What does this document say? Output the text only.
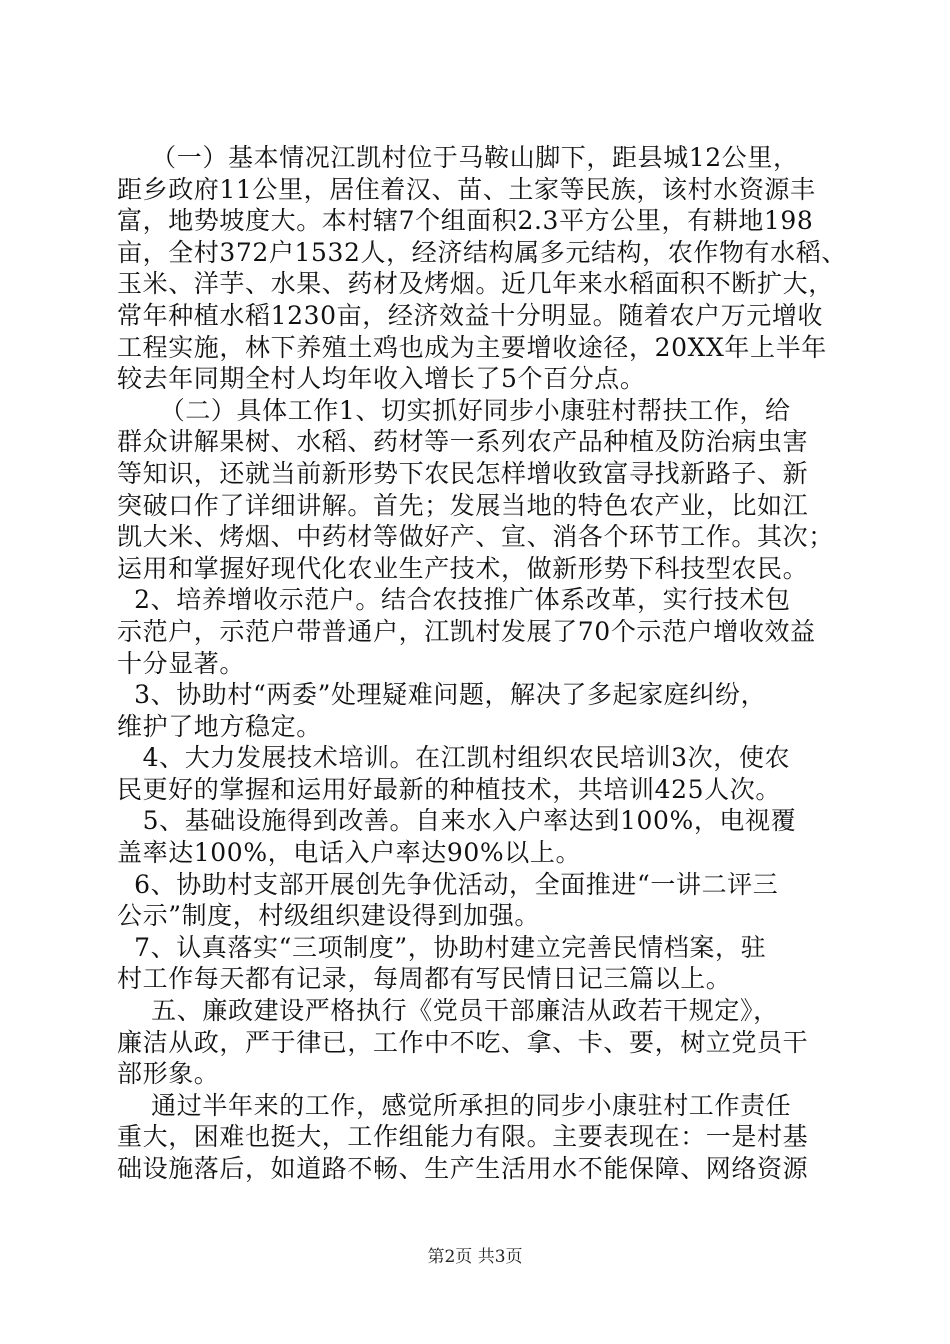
（一）基本情况江凯村位于马鞍山脚下，距县城12公里，
距乡政府11公里，居住着汉、苗、土家等民族，该村水资源丰
富，地势坡度大。本村辖7个组面积2.3平方公里，有耕地198
亩，全村372户1532人，经济结构属多元结构，农作物有水稻、
玉米、洋芋、水果、药材及烤烟。近几年来水稻面积不断扩大，
常年种植水稻1230亩，经济效益十分明显。随着农户万元增收
工程实施，林下养殖土鸡也成为主要增收途径，20XX年上半年
较去年同期全村人均年收入增长了5个百分点。
（二）具体工作1、切实抓好同步小康驻村帮扶工作，给
群众讲解果树、水稻、药材等一系列农产品种植及防治病虫害
等知识，还就当前新形势下农民怎样增收致富寻找新路子、新
突破口作了详细讲解。首先；发展当地的特色农产业，比如江
凯大米、烤烟、中药材等做好产、宣、消各个环节工作。其次；
运用和掌握好现代化农业生产技术，做新形势下科技型农民。
2、培养增收示范户。结合农技推广体系改革，实行技术包
示范户，示范户带普通户，江凯村发展了70个示范户增收效益
十分显著。
3、协助村“两委”处理疑难问题，解决了多起家庭纠纷，
维护了地方稳定。
4、大力发展技术培训。在江凯村组织农民培训3次，使农
民更好的掌握和运用好最新的种植技术，共培训425人次。
5、基础设施得到改善。自来水入户率达到100%，电视覆
盖率达100%，电话入户率达90%以上。
6、协助村支部开展创先争优活动，全面推进“一讲二评三
公示”制度，村级组织建设得到加强。
7、认真落实“三项制度”，协助村建立完善民情档案，驻
村工作每天都有记录，每周都有写民情日记三篇以上。
五、廉政建设严格执行《党员干部廉洁从政若干规定》，
廉洁从政，严于律已，工作中不吃、拿、卡、要，树立党员干
部形象。
通过半年来的工作，感觉所承担的同步小康驻村工作责任
重大，困难也挺大，工作组能力有限。主要表现在：一是村基
础设施落后，如道路不畅、生产生活用水不能保障、网络资源
第2页 共3页
